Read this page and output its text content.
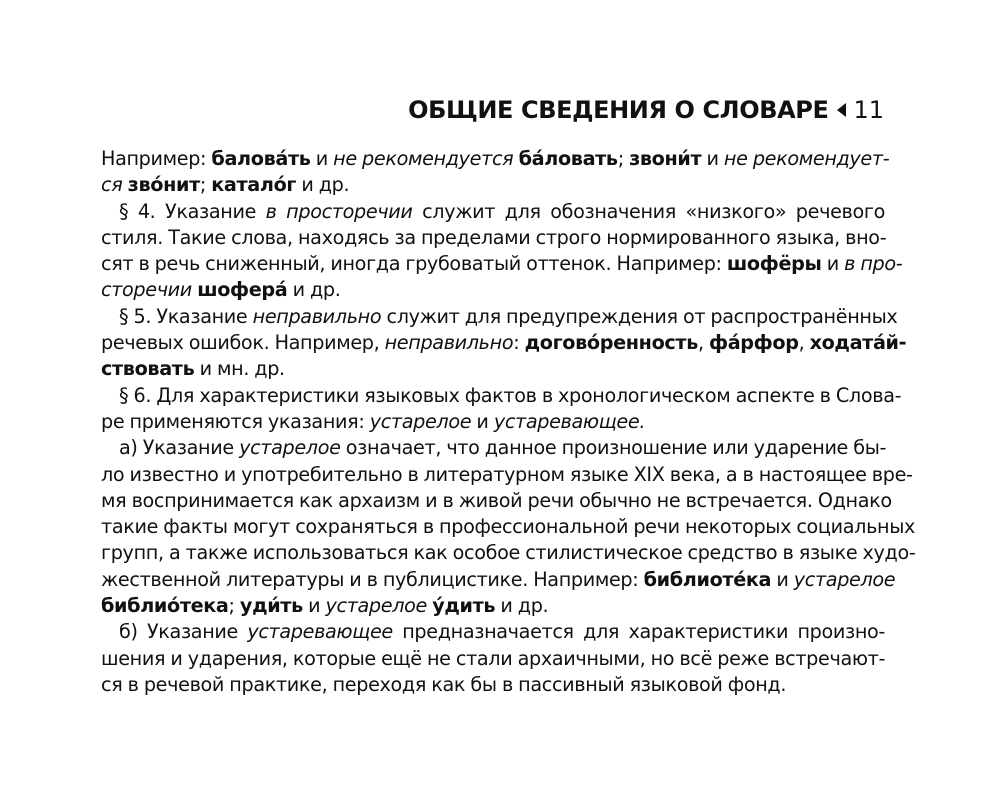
ОБЩИЕ СВЕДЕНИЯ О СЛОВАРЕ 11
Например: балова́ть и не рекомендуется ба́ловать; звони́т и не рекомендует-
ся зво́нит; катало́г и др.
§ 4. Указание в просторечии служит для обозначения «низкого» речевого
стиля. Такие слова, находясь за пределами строго нормированного языка, вно-
сят в речь сниженный, иногда грубоватый оттенок. Например: шофёры и в про-
сторечии шофера́ и др.
§ 5. Указание неправильно служит для предупреждения от распространённых
речевых ошибок. Например, неправильно: догово́ренность, фа́рфор, ходата́й-
ствовать и мн. др.
§ 6. Для характеристики языковых фактов в хронологическом аспекте в Слова-
ре применяются указания: устарелое и устаревающее.
а) Указание устарелое означает, что данное произношение или ударение бы-
ло известно и употребительно в литературном языке XIX века, а в настоящее вре-
мя воспринимается как архаизм и в живой речи обычно не встречается. Однако
такие факты могут сохраняться в профессиональной речи некоторых социальных
групп, а также использоваться как особое стилистическое средство в языке худо-
жественной литературы и в публицистике. Например: библиоте́ка и устарелое
библио́тека; уди́ть и устарелое у́дить и др.
б) Указание устаревающее предназначается для характеристики произно-
шения и ударения, которые ещё не стали архаичными, но всё реже встречают-
ся в речевой практике, переходя как бы в пассивный языковой фонд.
